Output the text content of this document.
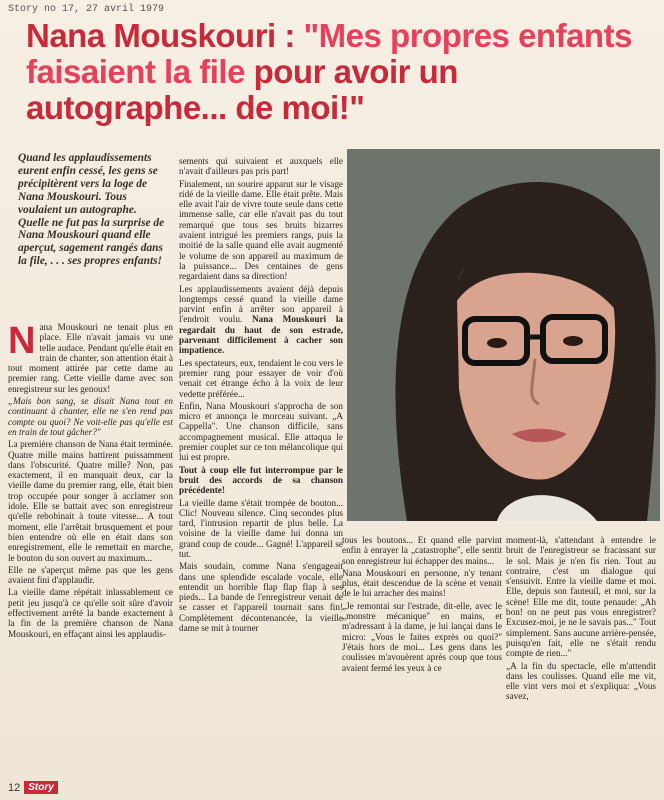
Story no 17, 27 avril 1979
Nana Mouskouri : "Mes propres enfants faisaient la file pour avoir un autographe... de moi!"
Quand les applaudissements eurent enfin cessé, les gens se précipitèrent vers la loge de Nana Mouskouri. Tous voulaient un autographe. Quelle ne fut pas la surprise de Nana Mouskouri quand elle aperçut, sagement rangés dans la file, . . . ses propres enfants!

Nana Mouskouri ne tenait plus en place. Elle n'avait jamais vu une telle audace. Pendant qu'elle était en train de chanter, son attention était à tout moment attirée par cette dame au premier rang. Cette vieille dame avec son enregistreur sur les genoux!

„Mais bon sang, se disait Nana tout en continuant à chanter, elle ne s'en rend pas compte ou quoi? Ne voit-elle pas qu'elle est en train de tout gâcher?"

La première chanson de Nana était terminée. Quatre mille mains battirent puissamment dans l'obscurité. Quatre mille? Non, pas exactement, il en manquait deux, car la vieille dame du premier rang, elle, était bien trop occupée pour songer à acclamer son idole. Elle se battait avec son enregistreur qu'elle rebobinait à toute vitesse... A tout moment, elle l'arrêtait brusquement et pour bien entendre où elle en était dans son enregistrement, elle le remettait en marche, le bouton du son ouvert au maximum...

Elle ne s'aperçut même pas que les gens avaient fini d'applaudir.

La vieille dame répétait inlassablement ce petit jeu jusqu'à ce qu'elle soit sûre d'avoir effectivement arrêté la bande exactement à la fin de la première chanson de Nana Mouskouri, en effaçant ainsi les applaudis-

sements qui suivaient et auxquels elle n'avait d'ailleurs pas pris part!

Finalement, un sourire apparut sur le visage ridé de la vieille dame. Elle était prête. Mais elle avait l'air de vivre toute seule dans cette immense salle, car elle n'avait pas du tout remarqué que tous ses bruits bizarres avaient intrigué les premiers rangs, puis la moitié de la salle quand elle avait augmenté le volume de son appareil au maximum de la puissance... Des centaines de gens regardaient dans sa direction!

Les applaudissements avaient déjà depuis longtemps cessé quand la vieille dame parvint enfin à arrêter son appareil à l'endroit voulu. Nana Mouskouri la regardait du haut de son estrade, parvenant difficilement à cacher son impatience.

Les spectateurs, eux, tendaient le cou vers le premier rang pour essayer de voir d'où venait cet étrange écho à la voix de leur vedette préférée...

Enfin, Nana Mouskouri s'approcha de son micro et annonça le morceau suivant. „A Cappella". Une chanson difficile, sans accompagnement musical. Elle attaqua le premier couplet sur ce ton mélancolique qui lui est propre.

Tout à coup elle fut interrompue par le bruit des accords de sa chanson précédente!

La vieille dame s'était trompée de bouton... Clic! Nouveau silence. Cinq secondes plus tard, l'intrusion repartit de plus belle. La voisine de la vieille dame lui donna un grand coup de coude... Gagné! L'appareil se tut.

Mais soudain, comme Nana s'engageait dans une splendide escalade vocale, elle entendit un horrible flap flap flap à ses pieds... La bande de l'enregistreur venait de se casser et l'appareil tournait sans fin! Complètement décontenancée, la vieille dame se mit à tourner

tous les boutons... Et quand elle parvint enfin à enrayer la „catastrophe", elle sentit son enregistreur lui échapper des mains...

Nana Mouskouri en personne, n'y tenant plus, était descendue de la scène et venait de le lui arracher des mains!

„Je remontai sur l'estrade, dit-elle, avec le „monstre mécanique" en mains, et m'adressant à la dame, je lui lançai dans le micro: „Vous le faites exprès ou quoi?" J'étais hors de moi... Les gens dans les coulisses m'avouèrent après coup que tous avaient fermé les yeux à ce

moment-là, s'attendant à entendre le bruit de l'enregistreur se fracassant sur le sol. Mais je n'en fis rien. Tout au contraire, c'est un dialogue qui s'ensuivit. Entre la vieille dame et moi. Elle, depuis son fauteuil, et moi, sur la scène! Elle me dit, toute penaude: „Ah bon! on ne peut pas vous enregistrer? Excusez-moi, je ne le savais pas..." Tout simplement. Sans aucune arrière-pensée, puisqu'en fait, elle ne s'était rendu compte de rien..."

„A la fin du spectacle, elle m'attendit dans les coulisses. Quand elle me vit, elle vint vers moi et s'expliqua: „Vous savez,

12 Story
